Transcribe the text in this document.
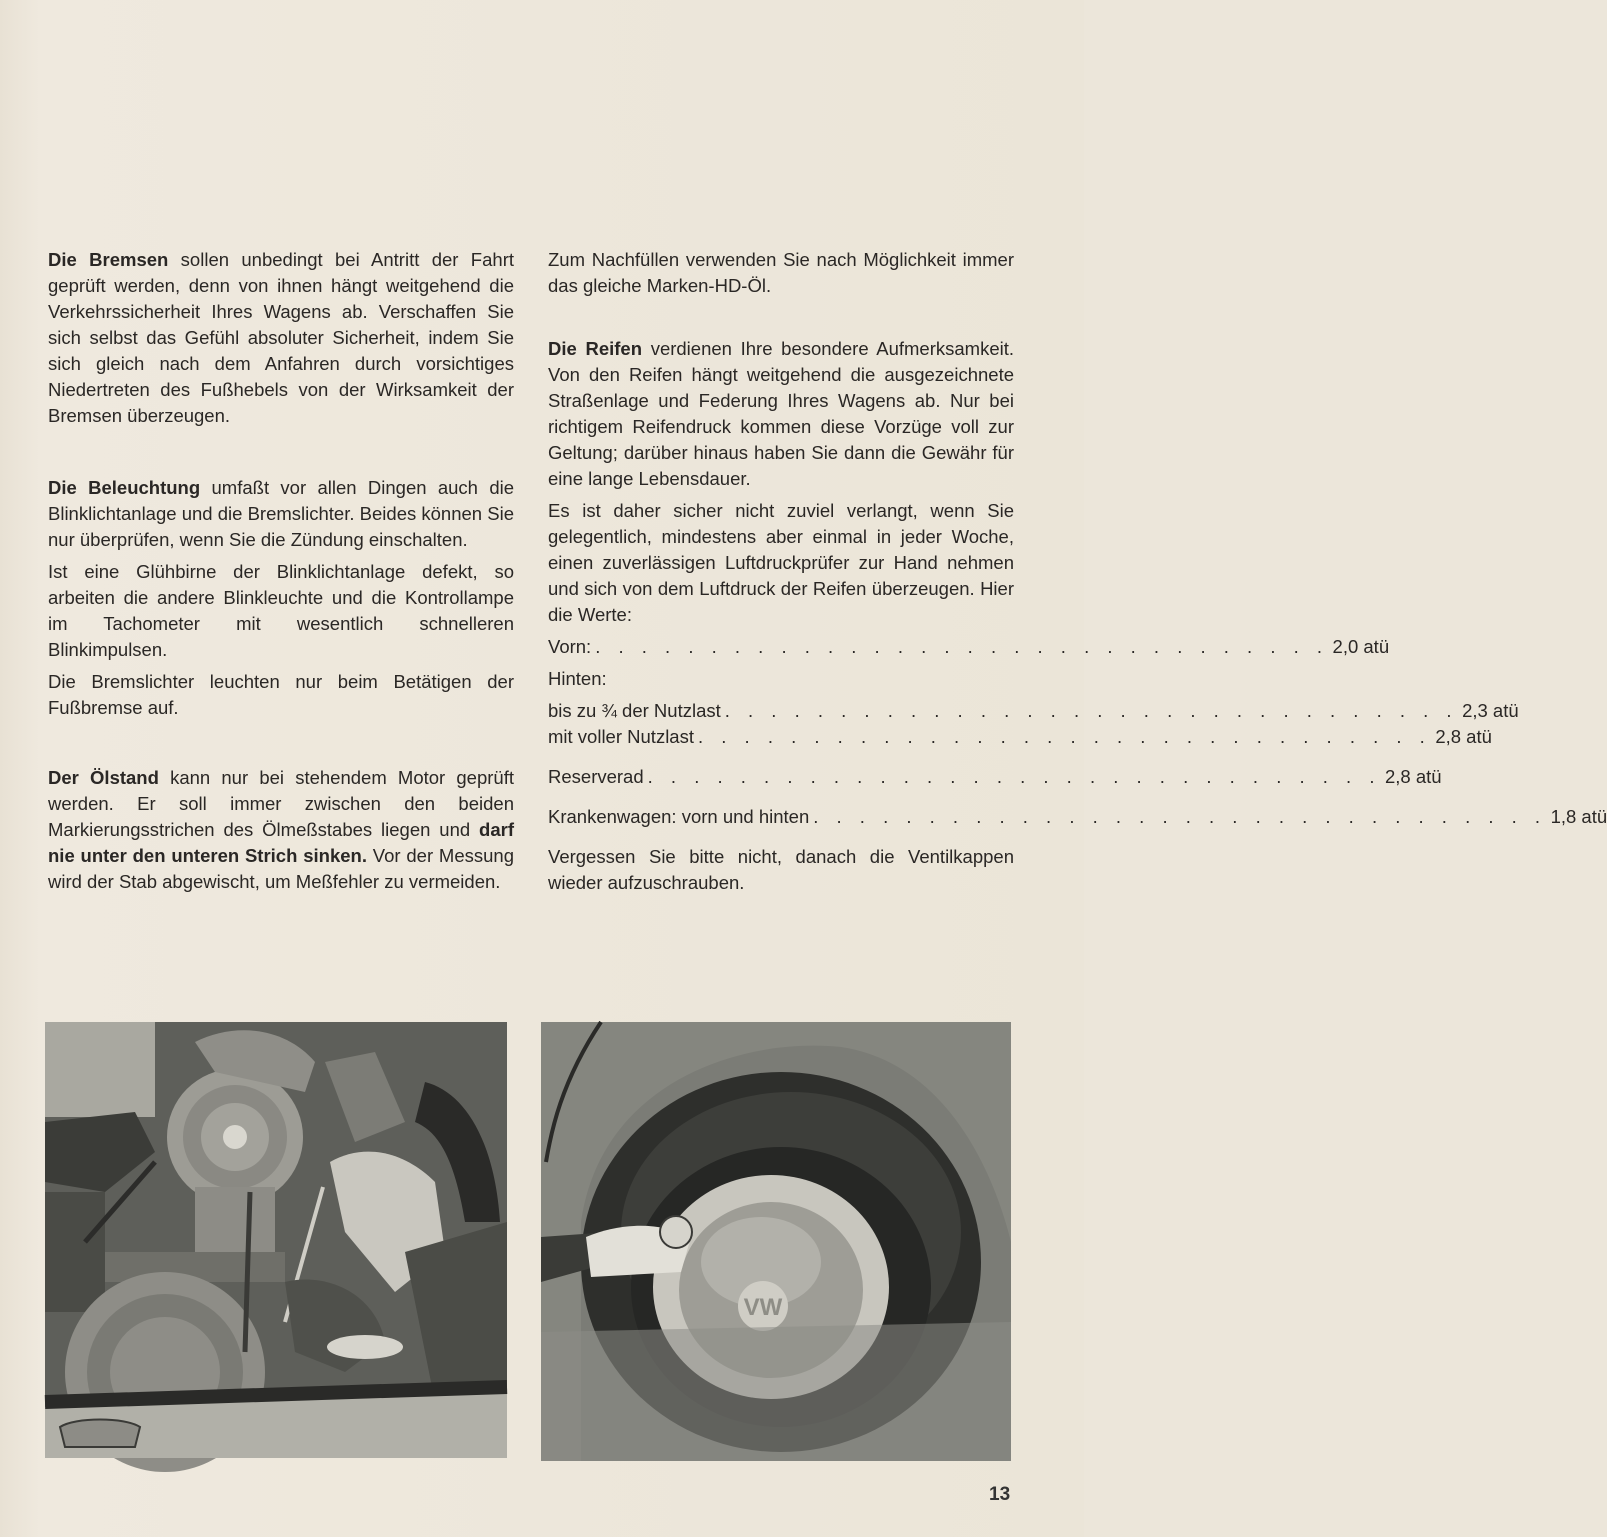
Die Bremsen sollen unbedingt bei Antritt der Fahrt geprüft werden, denn von ihnen hängt weitgehend die Verkehrssicherheit Ihres Wagens ab. Verschaffen Sie sich selbst das Gefühl absoluter Sicherheit, indem Sie sich gleich nach dem Anfahren durch vorsichtiges Niedertreten des Fußhebels von der Wirksamkeit der Bremsen überzeugen.

Die Beleuchtung umfaßt vor allen Dingen auch die Blinklichtanlage und die Bremslichter. Beides können Sie nur überprüfen, wenn Sie die Zündung einschalten.

Ist eine Glühbirne der Blinklichtanlage defekt, so arbeiten die andere Blinkleuchte und die Kontrollampe im Tachometer mit wesentlich schnelleren Blinkimpulsen.

Die Bremslichter leuchten nur beim Betätigen der Fußbremse auf.

Der Ölstand kann nur bei stehendem Motor geprüft werden. Er soll immer zwischen den beiden Markierungsstrichen des Ölmeßstabes liegen und darf nie unter den unteren Strich sinken. Vor der Messung wird der Stab abgewischt, um Meßfehler zu vermeiden.

Zum Nachfüllen verwenden Sie nach Möglichkeit immer das gleiche Marken-HD-Öl.

Die Reifen verdienen Ihre besondere Aufmerksamkeit. Von den Reifen hängt weitgehend die ausgezeichnete Straßenlage und Federung Ihres Wagens ab. Nur bei richtigem Reifendruck kommen diese Vorzüge voll zur Geltung; darüber hinaus haben Sie dann die Gewähr für eine lange Lebensdauer.

Es ist daher sicher nicht zuviel verlangt, wenn Sie gelegentlich, mindestens aber einmal in jeder Woche, einen zuverlässigen Luftdruckprüfer zur Hand nehmen und sich von dem Luftdruck der Reifen überzeugen. Hier die Werte:

Vorn: . . . . . . . . . . . . . . . . . . . . . . . . . . . . . . . . 2,0 atü
Hinten:
bis zu ¾ der Nutzlast . . . . . . . . . . . . . . . . . . . . . . . . . . . . . . . . 2,3 atü
mit voller Nutzlast . . . . . . . . . . . . . . . . . . . . . . . . . . . . . . . . 2,8 atü
Reserverad . . . . . . . . . . . . . . . . . . . . . . . . . . . . . . . . 2,8 atü
Krankenwagen: vorn und hinten . . . . . . . . . . . . . . . . . . . . . . . . . . . . . . . . 1,8 atü

Vergessen Sie bitte nicht, danach die Ventilkappen wieder aufzuschrauben.

VW
13
